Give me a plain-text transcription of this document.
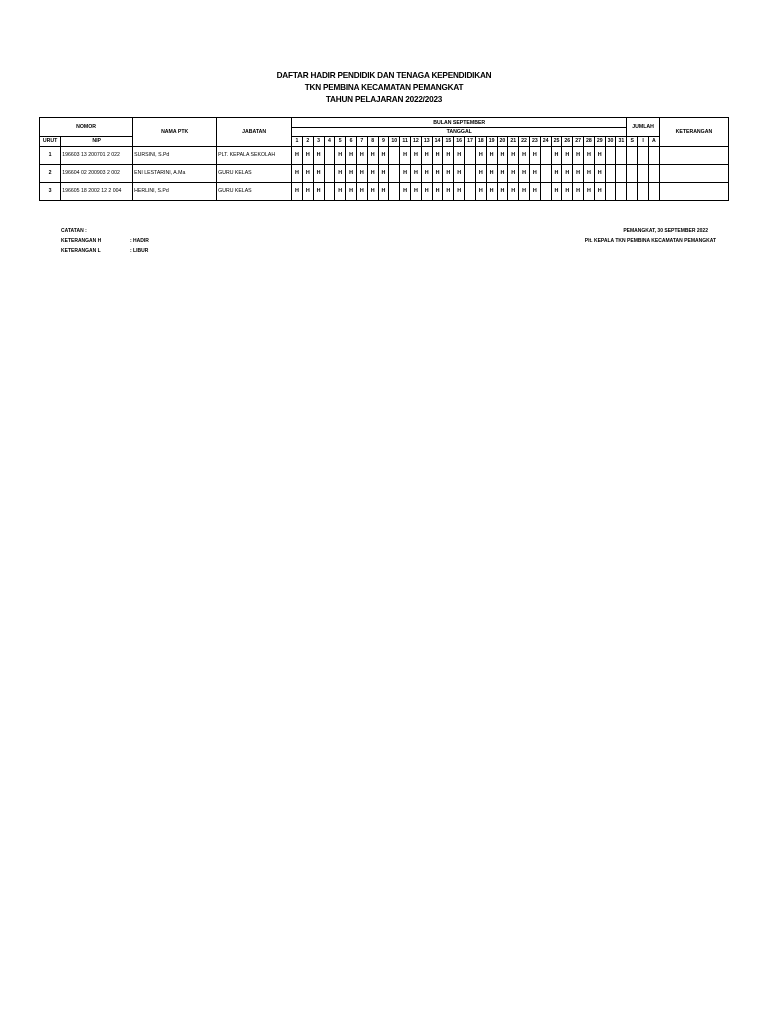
DAFTAR HADIR PENDIDIK DAN TENAGA KEPENDIDIKAN
TKN PEMBINA KECAMATAN PEMANGKAT
TAHUN PELAJARAN 2022/2023
NOMOR		NAMA PTK	JABATAN	BULAN SEPTEMBER																															JUMLAH			KETERANGAN
				TANGGAL																																		
URUT	NIP			1	2	3	4	5	6	7	8	9	10	11	12	13	14	15	16	17	18	19	20	21	22	23	24	25	26	27	28	29	30	31	S	I	A	
1	196603 13 200701 2 022	SURSINI, S.Pd	PLT. KEPALA SEKOLAH	H	H	H		H	H	H	H	H		H	H	H	H	H	H		H	H	H	H	H	H		H	H	H	H	H						
2	196604 02 200903 2 002	ENI LESTARINI, A.Ma	GURU KELAS	H	H	H		H	H	H	H	H		H	H	H	H	H	H		H	H	H	H	H	H		H	H	H	H	H						
3	196605 18 2002 12 2 004	HERLINI, S.Pd	GURU KELAS	H	H	H		H	H	H	H	H		H	H	H	H	H	H		H	H	H	H	H	H		H	H	H	H	H						
CATATAN :
KETERANGAN H	: HADIR
KETERANGAN L	: LIBUR
PEMANGKAT, 30 SEPTEMBER 2022
Plt. KEPALA TKN PEMBINA KECAMATAN PEMANGKAT
